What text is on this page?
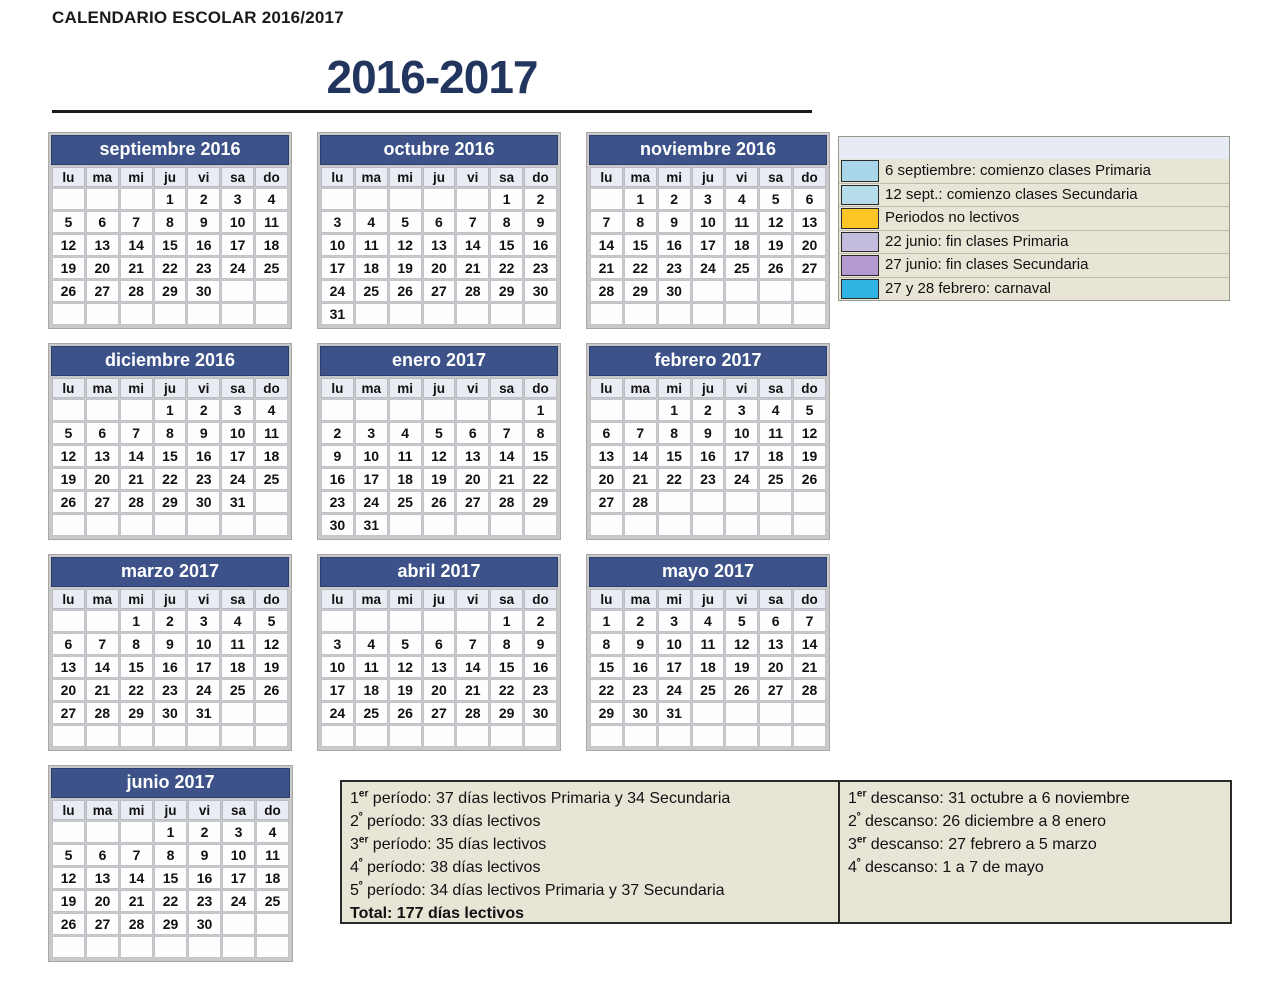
CALENDARIO ESCOLAR 2016/2017
2016-2017
septiembre 2016
lu	ma	mi	ju	vi	sa	do
			1	2	3	4
5	6	7	8	9	10	11
12	13	14	15	16	17	18
19	20	21	22	23	24	25
26	27	28	29	30		

octubre 2016
lu	ma	mi	ju	vi	sa	do
					1	2
3	4	5	6	7	8	9
10	11	12	13	14	15	16
17	18	19	20	21	22	23
24	25	26	27	28	29	30
31						
noviembre 2016
lu	ma	mi	ju	vi	sa	do
	1	2	3	4	5	6
7	8	9	10	11	12	13
14	15	16	17	18	19	20
21	22	23	24	25	26	27
28	29	30				

diciembre 2016
lu	ma	mi	ju	vi	sa	do
			1	2	3	4
5	6	7	8	9	10	11
12	13	14	15	16	17	18
19	20	21	22	23	24	25
26	27	28	29	30	31	

enero 2017
lu	ma	mi	ju	vi	sa	do
						1
2	3	4	5	6	7	8
9	10	11	12	13	14	15
16	17	18	19	20	21	22
23	24	25	26	27	28	29
30	31					
febrero 2017
lu	ma	mi	ju	vi	sa	do
		1	2	3	4	5
6	7	8	9	10	11	12
13	14	15	16	17	18	19
20	21	22	23	24	25	26
27	28					

marzo 2017
lu	ma	mi	ju	vi	sa	do
		1	2	3	4	5
6	7	8	9	10	11	12
13	14	15	16	17	18	19
20	21	22	23	24	25	26
27	28	29	30	31		

abril 2017
lu	ma	mi	ju	vi	sa	do
					1	2
3	4	5	6	7	8	9
10	11	12	13	14	15	16
17	18	19	20	21	22	23
24	25	26	27	28	29	30

mayo 2017
lu	ma	mi	ju	vi	sa	do
1	2	3	4	5	6	7
8	9	10	11	12	13	14
15	16	17	18	19	20	21
22	23	24	25	26	27	28
29	30	31				

junio 2017
lu	ma	mi	ju	vi	sa	do
			1	2	3	4
5	6	7	8	9	10	11
12	13	14	15	16	17	18
19	20	21	22	23	24	25
26	27	28	29	30		

6 septiembre: comienzo clases Primaria
12 sept.: comienzo clases Secundaria
Periodos no lectivos
22 junio: fin clases Primaria
27 junio: fin clases Secundaria
27 y 28 febrero: carnaval
1er período: 37 días lectivos Primaria y 34 Secundaria
$2^º$ período: 33 días lectivos
3er período: 35 días lectivos
$4^º$ período: 38 días lectivos
$5^º$ período: 34 días lectivos Primaria y 37 Secundaria
Total: 177 días lectivos
1er descanso: 31 octubre a 6 noviembre
$2^º$ descanso: 26 diciembre a 8 enero
3er descanso: 27 febrero a 5 marzo
$4^º$ descanso: 1 a 7 de mayo
